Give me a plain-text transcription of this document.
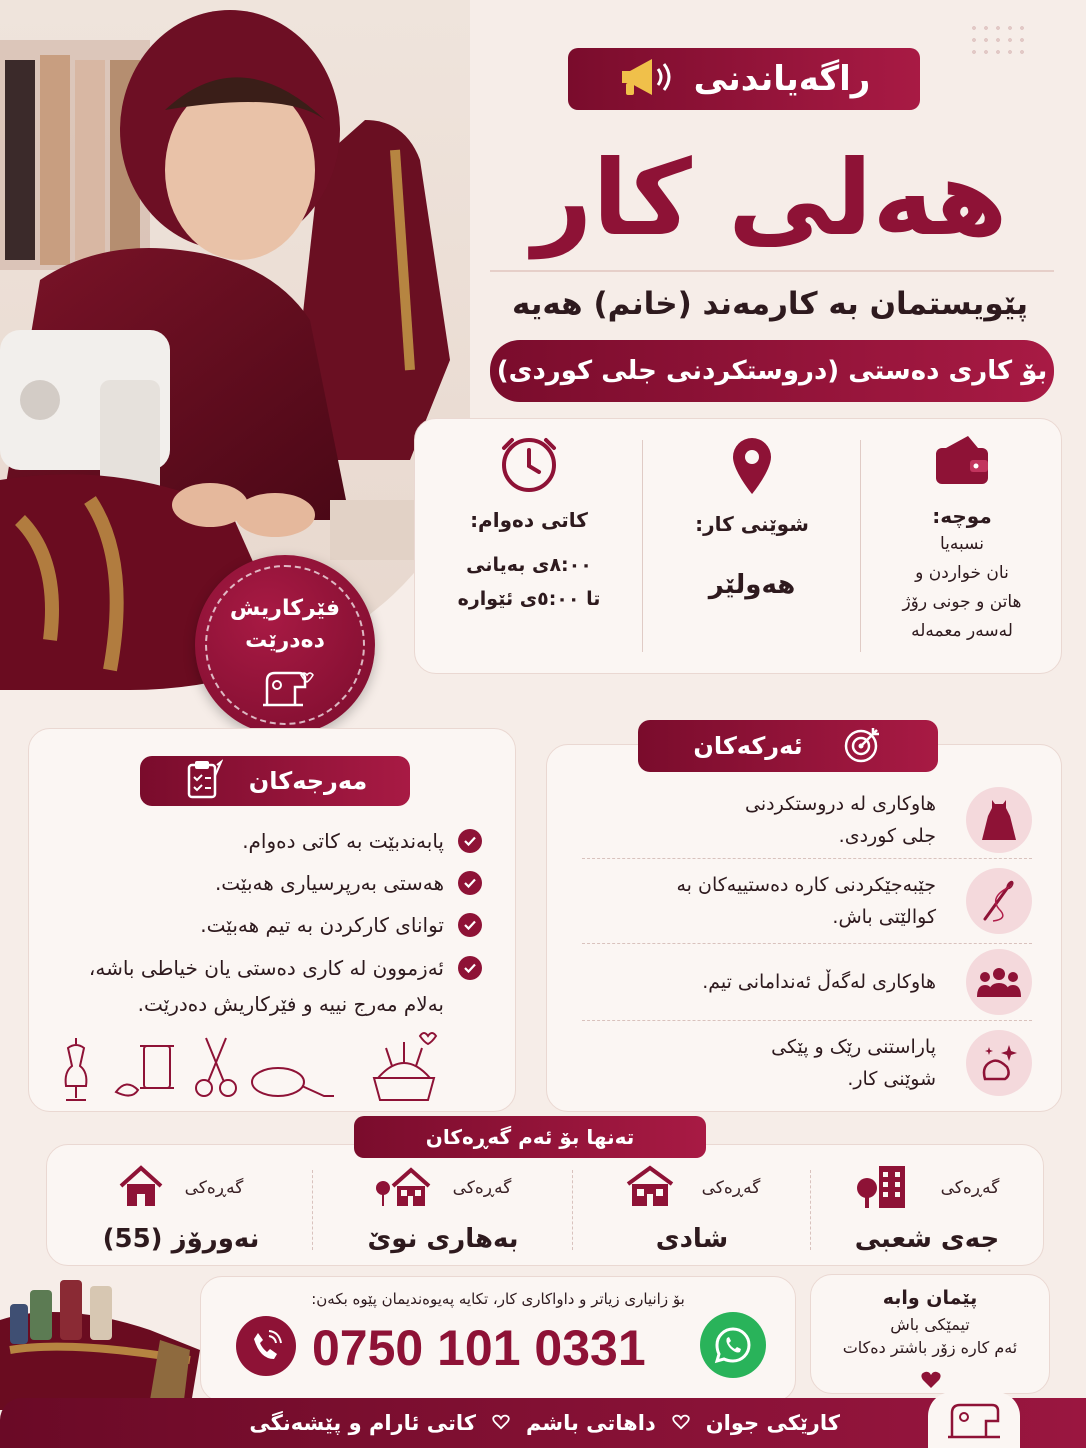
فێرکاریش
دەدرێت
راگەیاندنی
هەلی کار
پێویستمان بە کارمەند (خانم) هەیە
بۆ کاری دەستی (دروستکردنی جلی کوردی)
موچە:
نسبەیا
نان خواردن و
هاتن و جونی رۆژ
لەسەر معمەله
شوێنی کار:
هەولێر
کاتی دەوام:
٨:٠٠ی بەیانی
تا ٥:٠٠ی ئێوارە
مەرجەکان
پابەندبێت بە کاتی دەوام.
هەستی بەرپرسیاری هەبێت.
توانای کارکردن بە تیم هەبێت.
ئەزموون لە کاری دەستی یان خیاطی باشە، بەلام مەرج نییە و فێرکاریش دەدرێت.
ئەرکەکان
هاوکاری لە دروستکردنی جلی کوردی.
جێبەجێکردنی کارە دەستییەکان بە کوالێتی باش.
هاوکاری لەگەڵ ئەندامانی تیم.
پاراستنی رێک و پێکی شوێنی کار.
تەنها بۆ ئەم گەڕەکان
گەڕەکی
جەی شعبی
گەڕەکی
شادی
گەڕەکی
بەهاری نوێ
گەڕەکی
نەورۆز (55)
بۆ زانیاری زیاتر و داواکاری کار، تکایە پەیوەندیمان پێوە بکەن:
0750 101 0331
پێمان وابە
تیمێکی باش
ئەم کارە زۆر باشتر دەکات
کارێکی جوان
داهاتی باشم
کاتی ئارام و پێشەنگی
